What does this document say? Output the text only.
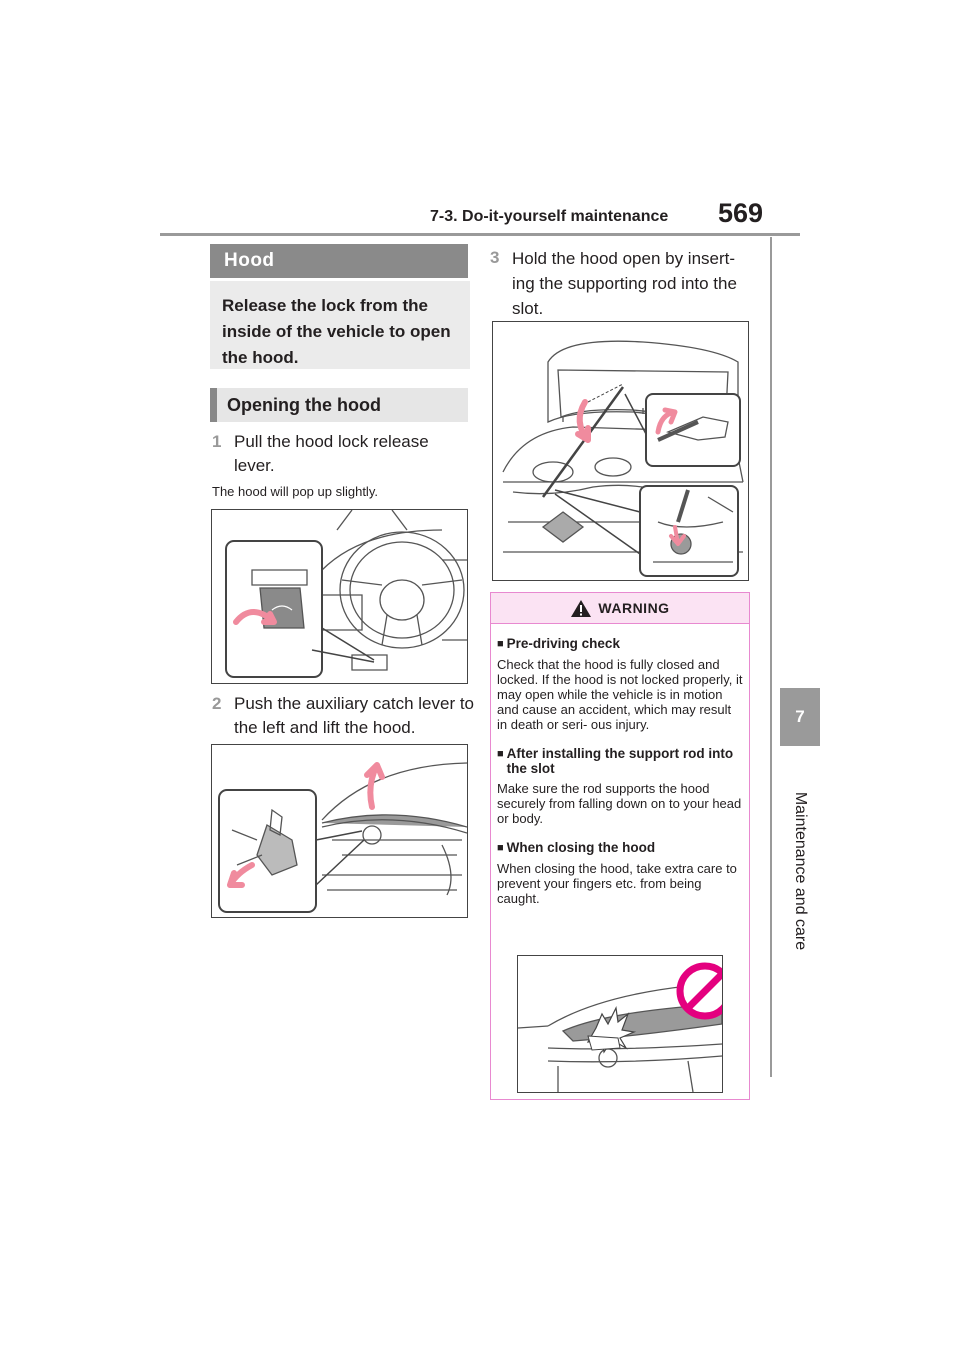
7-3. Do-it-yourself maintenance 569
7
Maintenance and care
Hood
Release the lock from the inside of the vehicle to open the hood.
Opening the hood
1 Pull the hood lock release lever.
The hood will pop up slightly.
2 Push the auxiliary catch lever to the left and lift the hood.
3 Hold the hood open by insert- ing the supporting rod into the slot.
WARNING
■ Pre-driving check
Check that the hood is fully closed and locked. If the hood is not locked properly, it may open while the vehicle is in motion and cause an accident, which may result in death or seri- ous injury.
■ After installing the support rod into the slot
Make sure the rod supports the hood securely from falling down on to your head or body.
■ When closing the hood
When closing the hood, take extra care to prevent your fingers etc. from being caught.
